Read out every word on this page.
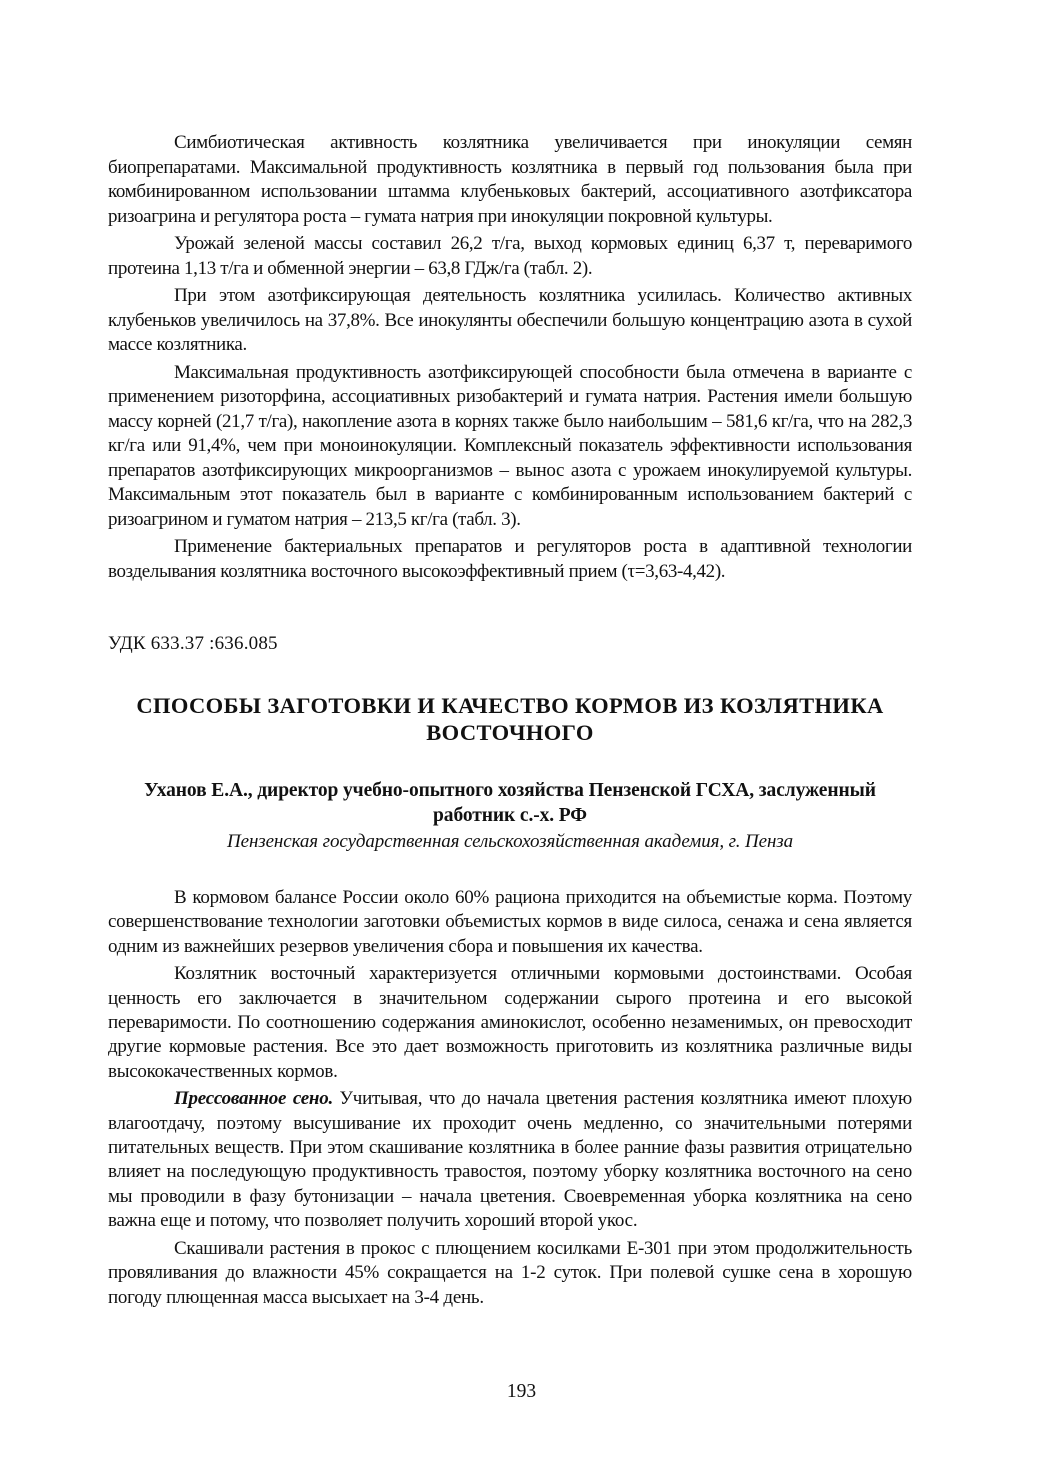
Симбиотическая активность козлятника увеличивается при инокуляции семян биопрепаратами. Максимальной продуктивность козлятника в первый год пользования была при комбинированном использовании штамма клубеньковых бактерий, ассоциативного азотфиксатора ризоагрина и регулятора роста – гумата натрия при инокуляции покровной культуры.

Урожай зеленой массы составил 26,2 т/га, выход кормовых единиц 6,37 т, переваримого протеина 1,13 т/га и обменной энергии – 63,8 ГДж/га (табл. 2).

При этом азотфиксирующая деятельность козлятника усилилась. Количество активных клубеньков увеличилось на 37,8%. Все инокулянты обеспечили большую концентрацию азота в сухой массе козлятника.

Максимальная продуктивность азотфиксирующей способности была отмечена в варианте с применением ризоторфина, ассоциативных ризобактерий и гумата натрия. Растения имели большую массу корней (21,7 т/га), накопление азота в корнях также было наибольшим – 581,6 кг/га, что на 282,3 кг/га или 91,4%, чем при моноинокуляции. Комплексный показатель эффективности использования препаратов азотфиксирующих микроорганизмов – вынос азота с урожаем инокулируемой культуры. Максимальным этот показатель был в варианте с комбинированным использованием бактерий с ризоагрином и гуматом натрия – 213,5 кг/га (табл. 3).

Применение бактериальных препаратов и регуляторов роста в адаптивной технологии возделывания козлятника восточного высокоэффективный прием (τ=3,63-4,42).

УДК 633.37 :636.085

СПОСОБЫ ЗАГОТОВКИ И КАЧЕСТВО КОРМОВ ИЗ КОЗЛЯТНИКА
ВОСТОЧНОГО

Уханов Е.А., директор учебно-опытного хозяйства Пензенской ГСХА, заслуженный работник с.-х. РФ

Пензенская государственная сельскохозяйственная академия, г. Пенза

В кормовом балансе России около 60% рациона приходится на объемистые корма. Поэтому совершенствование технологии заготовки объемистых кормов в виде силоса, сенажа и сена является одним из важнейших резервов увеличения сбора и повышения их качества.

Козлятник восточный характеризуется отличными кормовыми достоинствами. Особая ценность его заключается в значительном содержании сырого протеина и его высокой переваримости. По соотношению содержания аминокислот, особенно незаменимых, он превосходит другие кормовые растения. Все это дает возможность приготовить из козлятника различные виды высококачественных кормов.

Прессованное сено. Учитывая, что до начала цветения растения козлятника имеют плохую влагоотдачу, поэтому высушивание их проходит очень медленно, со значительными потерями питательных веществ. При этом скашивание козлятника в более ранние фазы развития отрицательно влияет на последующую продуктивность травостоя, поэтому уборку козлятника восточного на сено мы проводили в фазу бутонизации – начала цветения. Своевременная уборка козлятника на сено важна еще и потому, что позволяет получить хороший второй укос.

Скашивали растения в прокос с плющением косилками Е-301 при этом продолжительность провяливания до влажности 45% сокращается на 1-2 суток. При полевой сушке сена в хорошую погоду плющенная масса высыхает на 3-4 день.

193
